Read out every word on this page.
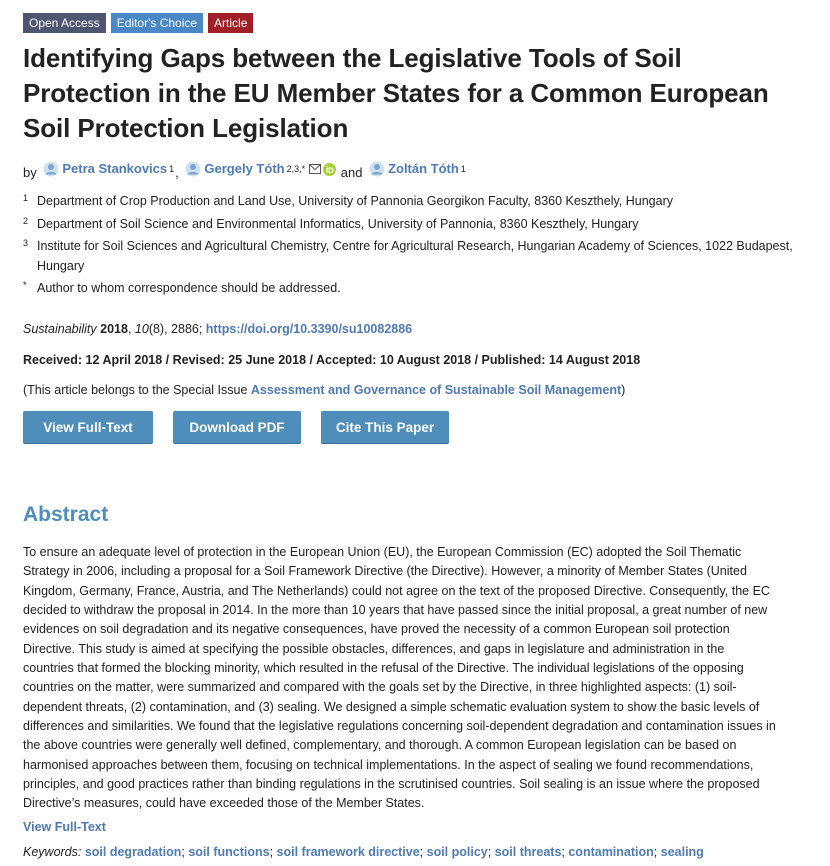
Open Access	Editor's Choice	Article
Identifying Gaps between the Legislative Tools of Soil Protection in the EU Member States for a Common European Soil Protection Legislation
by Petra Stankovics 1 , Gergely Tóth 2,3,*	and Zoltán Tóth 1
1 Department of Crop Production and Land Use, University of Pannonia Georgikon Faculty, 8360 Keszthely, Hungary
2 Department of Soil Science and Environmental Informatics, University of Pannonia, 8360 Keszthely, Hungary
3 Institute for Soil Sciences and Agricultural Chemistry, Centre for Agricultural Research, Hungarian Academy of Sciences, 1022 Budapest, Hungary
* Author to whom correspondence should be addressed.
Sustainability 2018, 10(8), 2886; https://doi.org/10.3390/su10082886
Received: 12 April 2018 / Revised: 25 June 2018 / Accepted: 10 August 2018 / Published: 14 August 2018
(This article belongs to the Special Issue Assessment and Governance of Sustainable Soil Management)
View Full-Text	Download PDF	Cite This Paper
Abstract

To ensure an adequate level of protection in the European Union (EU), the European Commission (EC) adopted the Soil Thematic Strategy in 2006, including a proposal for a Soil Framework Directive (the Directive). However, a minority of Member States (United Kingdom, Germany, France, Austria, and The Netherlands) could not agree on the text of the proposed Directive. Consequently, the EC decided to withdraw the proposal in 2014. In the more than 10 years that have passed since the initial proposal, a great number of new evidences on soil degradation and its negative consequences, have proved the necessity of a common European soil protection Directive. This study is aimed at specifying the possible obstacles, differences, and gaps in legislature and administration in the countries that formed the blocking minority, which resulted in the refusal of the Directive. The individual legislations of the opposing countries on the matter, were summarized and compared with the goals set by the Directive, in three highlighted aspects: (1) soil-dependent threats, (2) contamination, and (3) sealing. We designed a simple schematic evaluation system to show the basic levels of differences and similarities. We found that the legislative regulations concerning soil-dependent degradation and contamination issues in the above countries were generally well defined, complementary, and thorough. A common European legislation can be based on harmonised approaches between them, focusing on technical implementations. In the aspect of sealing we found recommendations, principles, and good practices rather than binding regulations in the scrutinised countries. Soil sealing is an issue where the proposed Directive’s measures, could have exceeded those of the Member States.

View Full-Text
Keywords: soil degradation; soil functions; soil framework directive; soil policy; soil threats; contamination; sealing
